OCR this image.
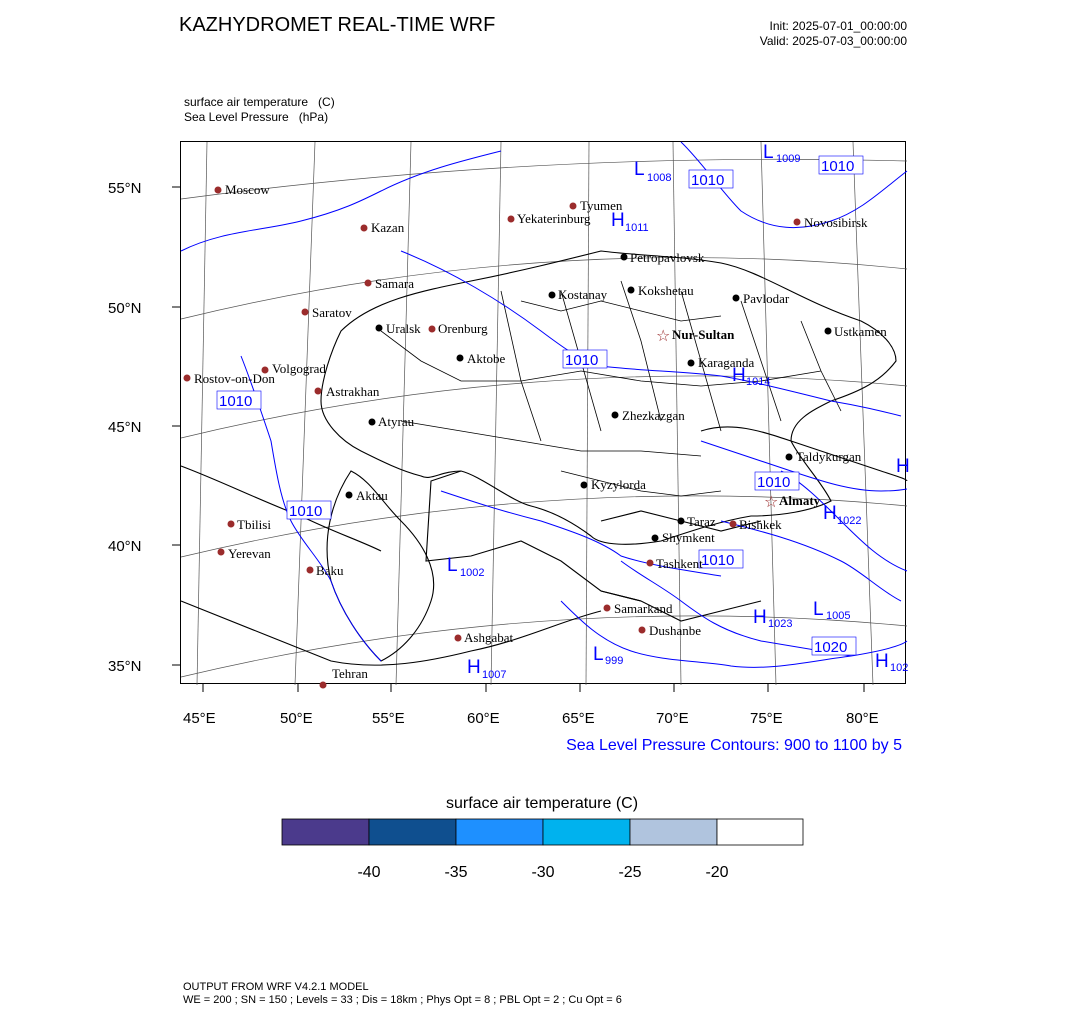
KAZHYDROMET REAL-TIME WRF	Init: 2025-07-01_00:00:00
Valid: 2025-07-03_00:00:00
surface air temperature   (C)
Sea Level Pressure   (hPa)
55°N
50°N
45°N
40°N
35°N
45°E	50°E	55°E	60°E	65°E	70°E	75°E	80°E
1010
1010
1010
1010
1010
1010
1010
1020
L 1008
L 1009
H 1011
H 1014
L 1002
H 1022
H 1023
L 1005
L 999
H 1007
H 102
H
Moscow
Kazan
Samara
Saratov
Volgograd
Rostov-on-Don
Astrakhan
Orenburg
Yekaterinburg
Tyumen
Novosibirsk
Tbilisi
Yerevan
Baku
Ashgabat
Tehran
Samarkand
Dushanbe
Tashkent
Bishkek
Petropavlovsk
Kostanay Kokshetau
Pavlodar
Uralsk
Aktobe	Karaganda
Ustkamen
Atyrau	Zhezkazgan
Taldykurgan
Kyzylorda
Aktau
Taraz
Shymkent
☆ Nur-Sultan
☆ Almaty
Sea Level Pressure Contours: 900 to 1100 by 5
surface air temperature (C)
-40	-35	-30	-25	-20
OUTPUT FROM WRF V4.2.1 MODEL
WE = 200 ; SN = 150 ; Levels = 33 ; Dis = 18km ; Phys Opt = 8 ; PBL Opt = 2 ; Cu Opt = 6
